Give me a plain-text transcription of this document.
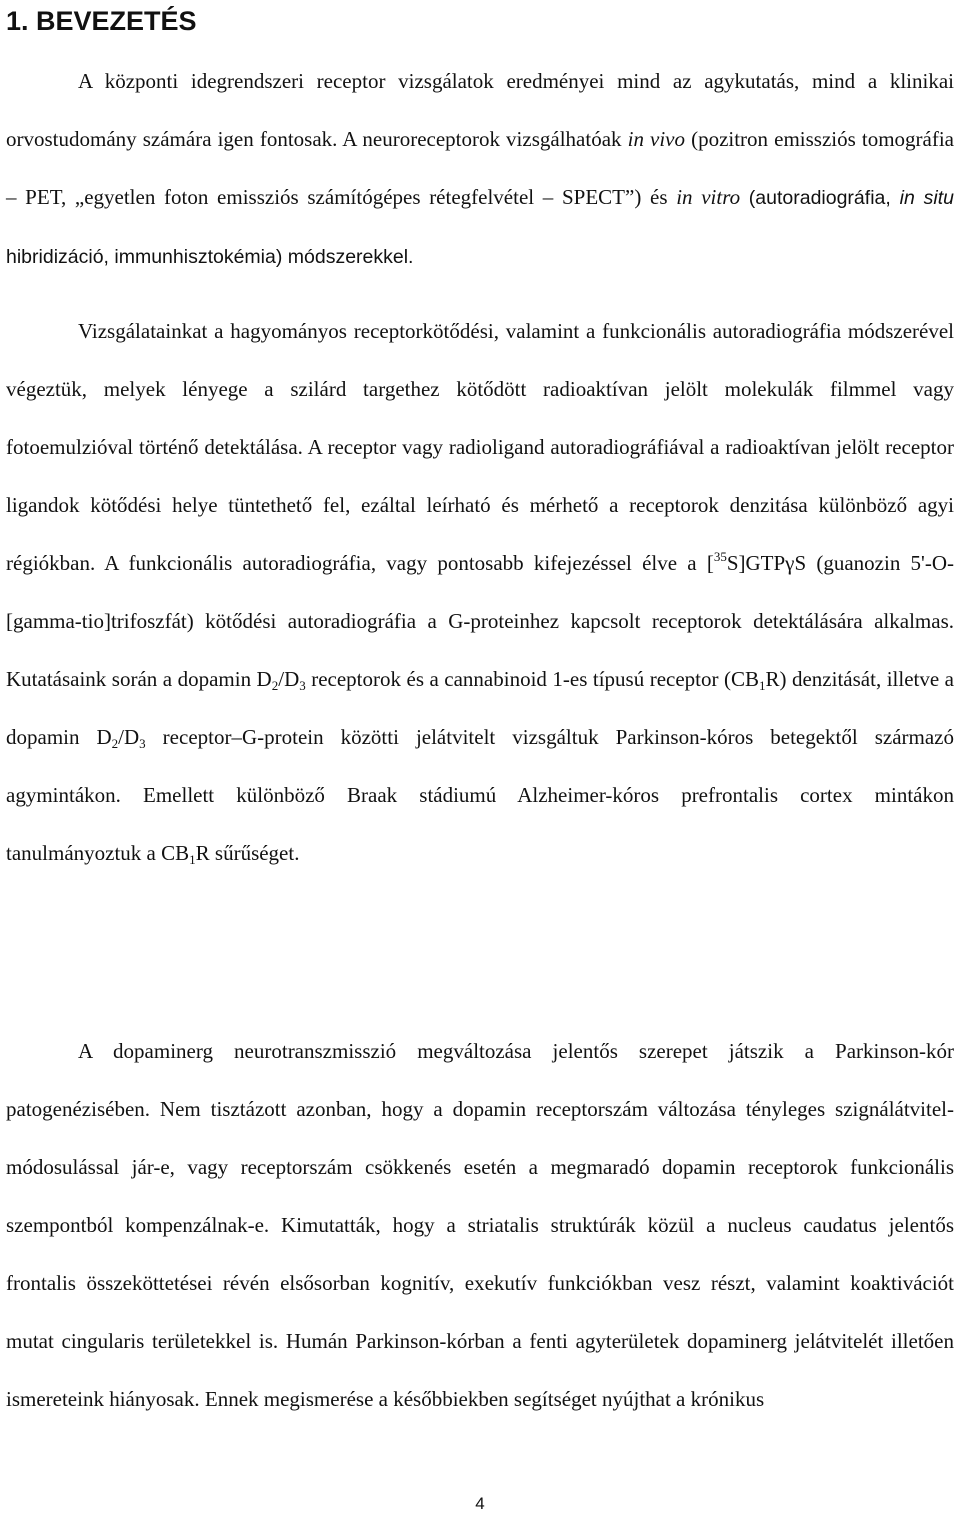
1. BEVEZETÉS

A központi idegrendszeri receptor vizsgálatok eredményei mind az agykutatás, mind a klinikai orvostudomány számára igen fontosak. A neuroreceptorok vizsgálhatóak in vivo (pozitron emissziós tomográfia – PET, „egyetlen foton emissziós számítógépes rétegfelvétel – SPECT”) és in vitro (autoradiográfia, in situ hibridizáció, immunhisztokémia) módszerekkel.

Vizsgálatainkat a hagyományos receptorkötődési, valamint a funkcionális autoradiográfia módszerével végeztük, melyek lényege a szilárd targethez kötődött radioaktívan jelölt molekulák filmmel vagy fotoemulzióval történő detektálása. A receptor vagy radioligand autoradiográfiával a radioaktívan jelölt receptor ligandok kötődési helye tüntethető fel, ezáltal leírható és mérhető a receptorok denzitása különböző agyi régiókban. A funkcionális autoradiográfia, vagy pontosabb kifejezéssel élve a [$^{35}$S]GTPγS (guanozin 5'-O-[gamma-tio]trifoszfát) kötődési autoradiográfia a G-proteinhez kapcsolt receptorok detektálására alkalmas. Kutatásaink során a dopamin $D_2/D_3$ receptorok és a cannabinoid 1-es típusú receptor $(CB_1R)$ denzitását, illetve a dopamin $D_2/D_3$ receptor–G-protein közötti jelátvitelt vizsgáltuk Parkinson-kóros betegektől származó agymintákon. Emellett különböző Braak stádiumú Alzheimer-kóros prefrontalis cortex mintákon tanulmányoztuk a $CB_1R$ sűrűséget.

A dopaminerg neurotranszmisszió megváltozása jelentős szerepet játszik a Parkinson-kór patogenézisében. Nem tisztázott azonban, hogy a dopamin receptorszám változása tényleges szignálátvitel-módosulással jár-e, vagy receptorszám csökkenés esetén a megmaradó dopamin receptorok funkcionális szempontból kompenzálnak-e. Kimutatták, hogy a striatalis struktúrák közül a nucleus caudatus jelentős frontalis összeköttetései révén elsősorban kognitív, exekutív funkciókban vesz részt, valamint koaktivációt mutat cingularis területekkel is. Humán Parkinson-kórban a fenti agyterületek dopaminerg jelátvitelét illetően ismereteink hiányosak. Ennek megismerése a későbbiekben segítséget nyújthat a krónikus

4
